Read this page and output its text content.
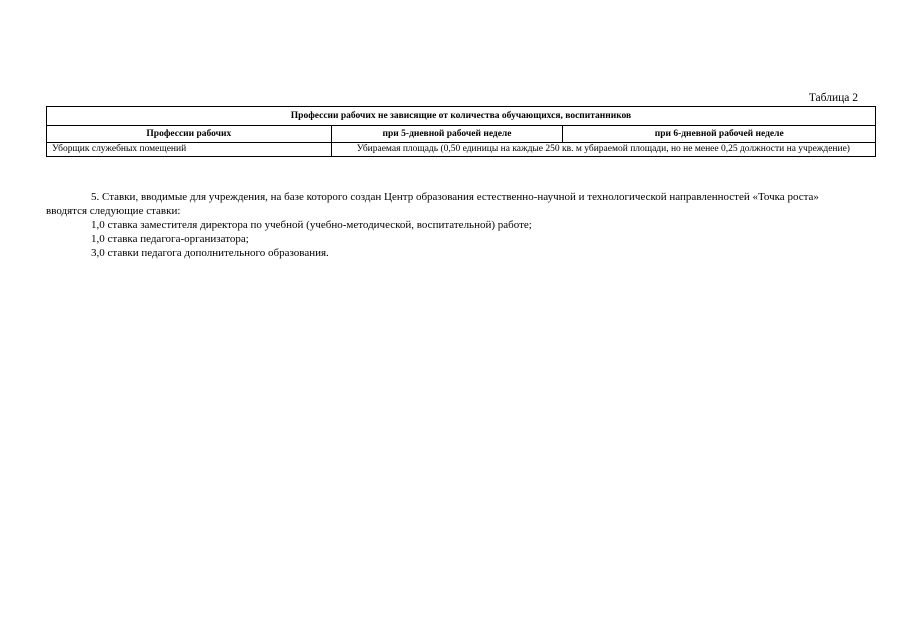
Таблица 2
Профессии рабочих не зависящие от количества обучающихся, воспитанников		
Профессии рабочих	при 5-дневной рабочей неделе	при 6-дневной рабочей неделе
Уборщик служебных помещений	Убираемая площадь (0,50 единицы на каждые 250 кв. м убираемой площади, но не менее 0,25 должности на учреждение)	

5. Ставки, вводимые для учреждения, на базе которого создан Центр образования естественно-научной и технологической направленностей «Точка роста» вводятся следующие ставки:

1,0 ставка заместителя директора по учебной (учебно-методической, воспитательной) работе;

1,0 ставка педагога-организатора;

3,0 ставки педагога дополнительного образования.
